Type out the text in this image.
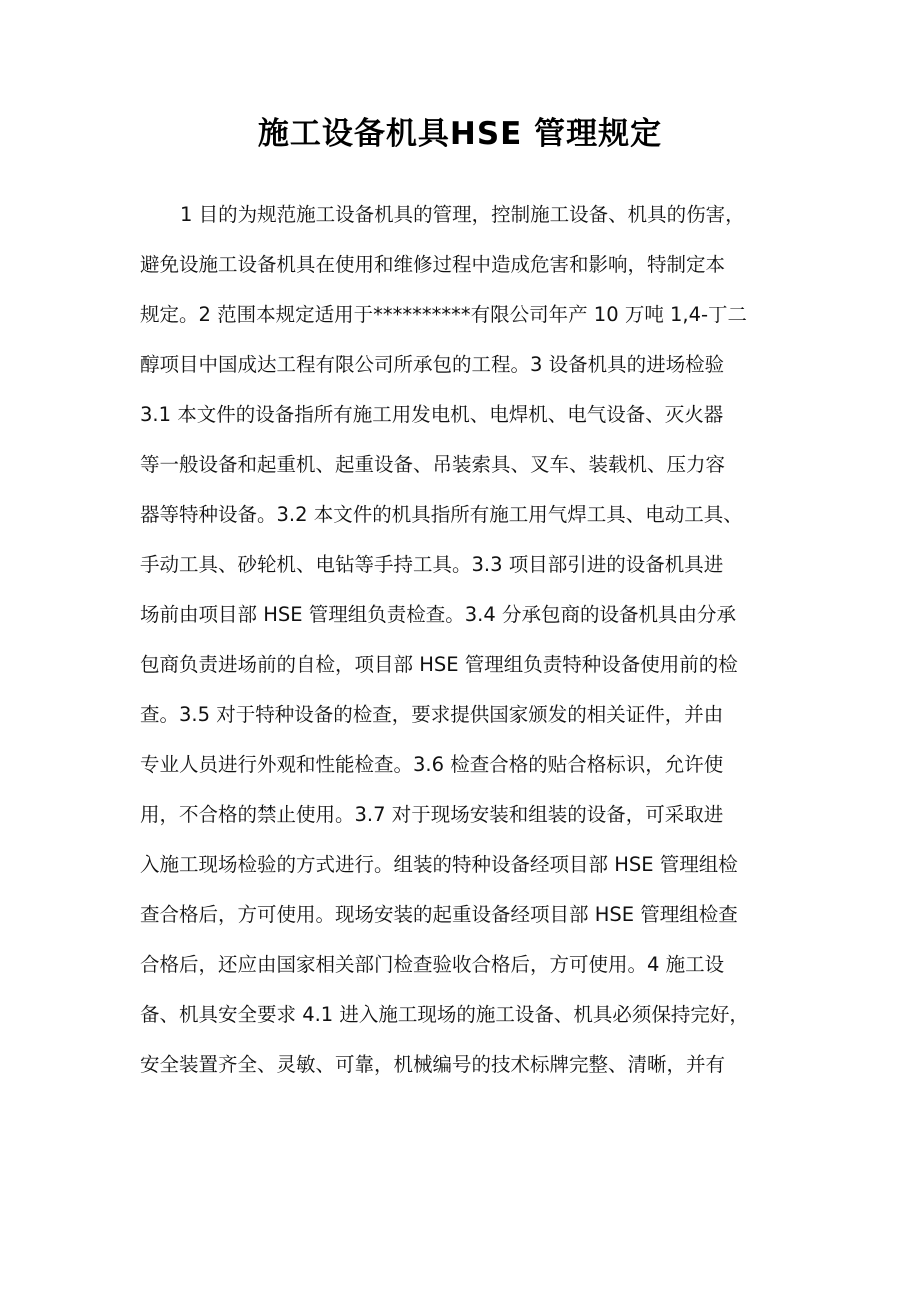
施工设备机具HSE 管理规定
1 目的为规范施工设备机具的管理，控制施工设备、机具的伤害，
避免设施工设备机具在使用和维修过程中造成危害和影响，特制定本
规定。2 范围本规定适用于**********有限公司年产 10 万吨 1,4-丁二
醇项目中国成达工程有限公司所承包的工程。3 设备机具的进场检验
3.1 本文件的设备指所有施工用发电机、电焊机、电气设备、灭火器
等一般设备和起重机、起重设备、吊装索具、叉车、装载机、压力容
器等特种设备。3.2 本文件的机具指所有施工用气焊工具、电动工具、
手动工具、砂轮机、电钻等手持工具。3.3 项目部引进的设备机具进
场前由项目部 HSE 管理组负责检查。3.4 分承包商的设备机具由分承
包商负责进场前的自检，项目部 HSE 管理组负责特种设备使用前的检
查。3.5 对于特种设备的检查，要求提供国家颁发的相关证件，并由
专业人员进行外观和性能检查。3.6 检查合格的贴合格标识，允许使
用，不合格的禁止使用。3.7 对于现场安装和组装的设备，可采取进
入施工现场检验的方式进行。组装的特种设备经项目部 HSE 管理组检
查合格后，方可使用。现场安装的起重设备经项目部 HSE 管理组检查
合格后，还应由国家相关部门检查验收合格后，方可使用。4 施工设
备、机具安全要求 4.1 进入施工现场的施工设备、机具必须保持完好，
安全装置齐全、灵敏、可靠，机械编号的技术标牌完整、清晰，并有
